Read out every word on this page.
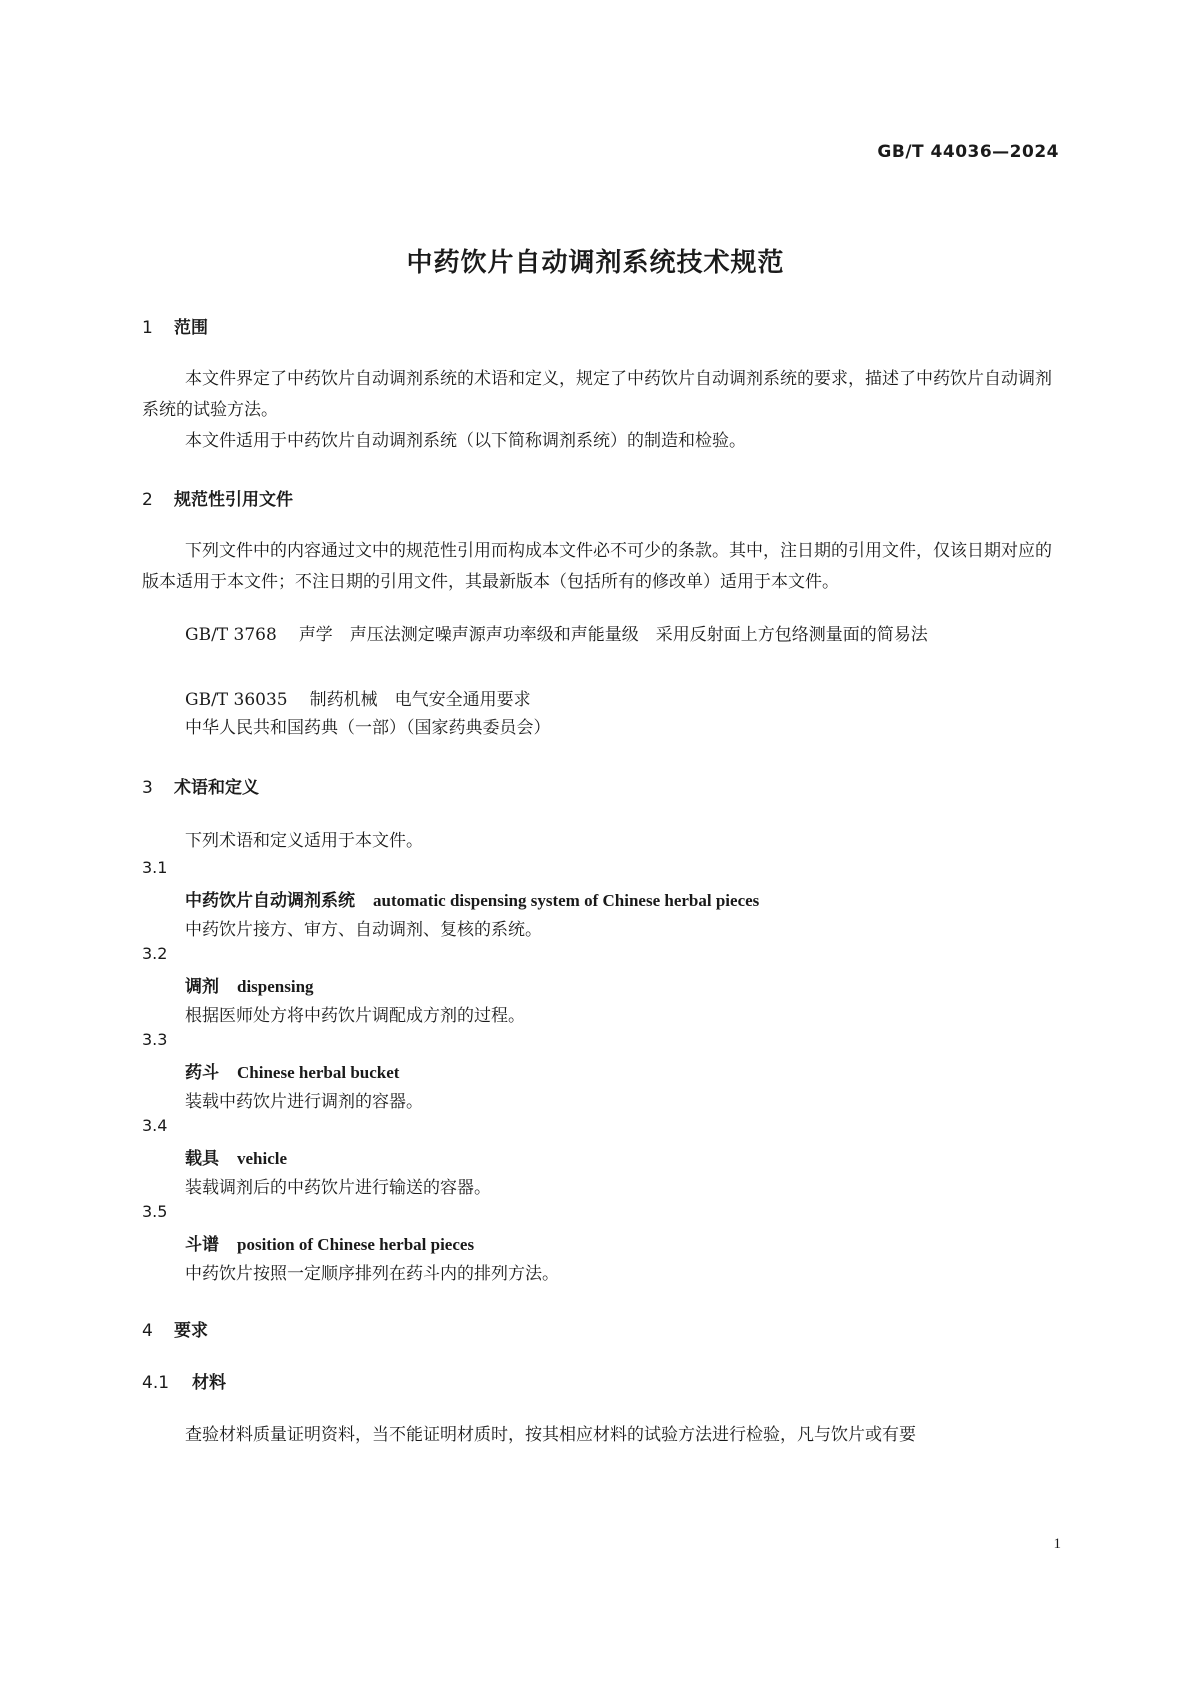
GB/T 44036—2024
中药饮片自动调剂系统技术规范
1 范围
本文件界定了中药饮片自动调剂系统的术语和定义，规定了中药饮片自动调剂系统的要求，描述了中药饮片自动调剂系统的试验方法。
本文件适用于中药饮片自动调剂系统（以下简称调剂系统）的制造和检验。
2 规范性引用文件
下列文件中的内容通过文中的规范性引用而构成本文件必不可少的条款。其中，注日期的引用文件，仅该日期对应的版本适用于本文件；不注日期的引用文件，其最新版本（包括所有的修改单）适用于本文件。
GB/T 3768 声学　声压法测定噪声源声功率级和声能量级　采用反射面上方包络测量面的简易法
GB/T 36035 制药机械　电气安全通用要求
中华人民共和国药典（一部）（国家药典委员会）
3 术语和定义
下列术语和定义适用于本文件。
3.1
中药饮片自动调剂系统 automatic dispensing system of Chinese herbal pieces
中药饮片接方、审方、自动调剂、复核的系统。
3.2
调剂 dispensing
根据医师处方将中药饮片调配成方剂的过程。
3.3
药斗 Chinese herbal bucket
装载中药饮片进行调剂的容器。
3.4
载具 vehicle
装载调剂后的中药饮片进行输送的容器。
3.5
斗谱 position of Chinese herbal pieces
中药饮片按照一定顺序排列在药斗内的排列方法。
4 要求
4.1 材料
查验材料质量证明资料，当不能证明材质时，按其相应材料的试验方法进行检验，凡与饮片或有要
1
